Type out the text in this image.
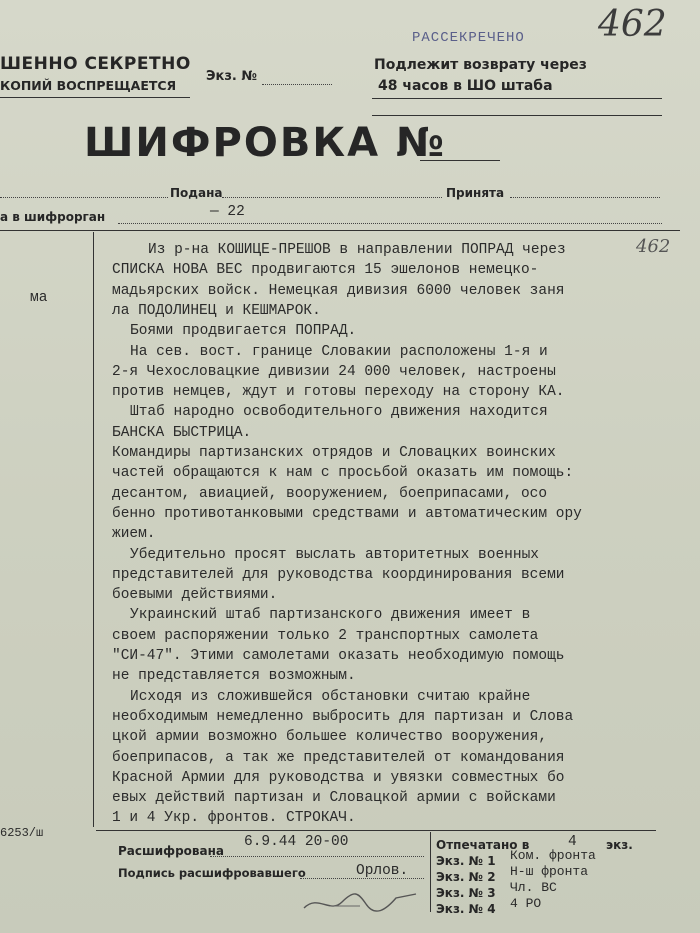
ШЕННО СЕКРЕТНО
КОПИЙ ВОСПРЕЩАЕТСЯ
Экз. №
РАССЕКРЕЧЕНО 462
Подлежит возврату через
48 часов в ШО штаба
ШИФРОВКА №
Подана	Принята
а в шифрорган	— 22
ма
462
Из р-на КОШИЦЕ-ПРЕШОВ в направлении ПОПРАД через
СПИСКА НОВА ВЕС продвигаются 15 эшелонов немецко-
мадьярских войск. Немецкая дивизия 6000 человек заня
ла ПОДОЛИНЕЦ и КЕШМАРОК.
Боями продвигается ПОПРАД.
На сев. вост. границе Словакии расположены 1-я и
2-я Чехословацкие дивизии 24 000 человек, настроены
против немцев, ждут и готовы переходу на сторону КА.
Штаб народно освободительного движения находится
БАНСКА БЫСТРИЦА.
Командиры партизанских отрядов и Словацких воинских
частей обращаются к нам с просьбой оказать им помощь:
десантом, авиацией, вооружением, боеприпасами, осо
бенно противотанковыми средствами и автоматическим ору
жием.
Убедительно просят выслать авторитетных военных
представителей для руководства координирования всеми
боевыми действиями.
Украинский штаб партизанского движения имеет в
своем распоряжении только 2 транспортных самолета
"СИ-47". Этими самолетами оказать необходимую помощь
не представляется возможным.
Исходя из сложившейся обстановки считаю крайне
необходимым немедленно выбросить для партизан и Слова
цкой армии возможно большее количество вооружения,
боеприпасов, а так же представителей от командования
Красной Армии для руководства и увязки совместных бо
евых действий партизан и Словацкой армии с войсками
1 и 4 Укр. фронтов. СТРОКАЧ.
6253/ш
Расшифрована
6.9.44 20-00
Подпись расшифровавшего	Орлов.
Отпечатано в	4 экз.
Экз. № 1 Ком. фронта
Экз. № 2 Н-ш фронта
Экз. № 3 Чл. ВС
Экз. № 4 4 РО
